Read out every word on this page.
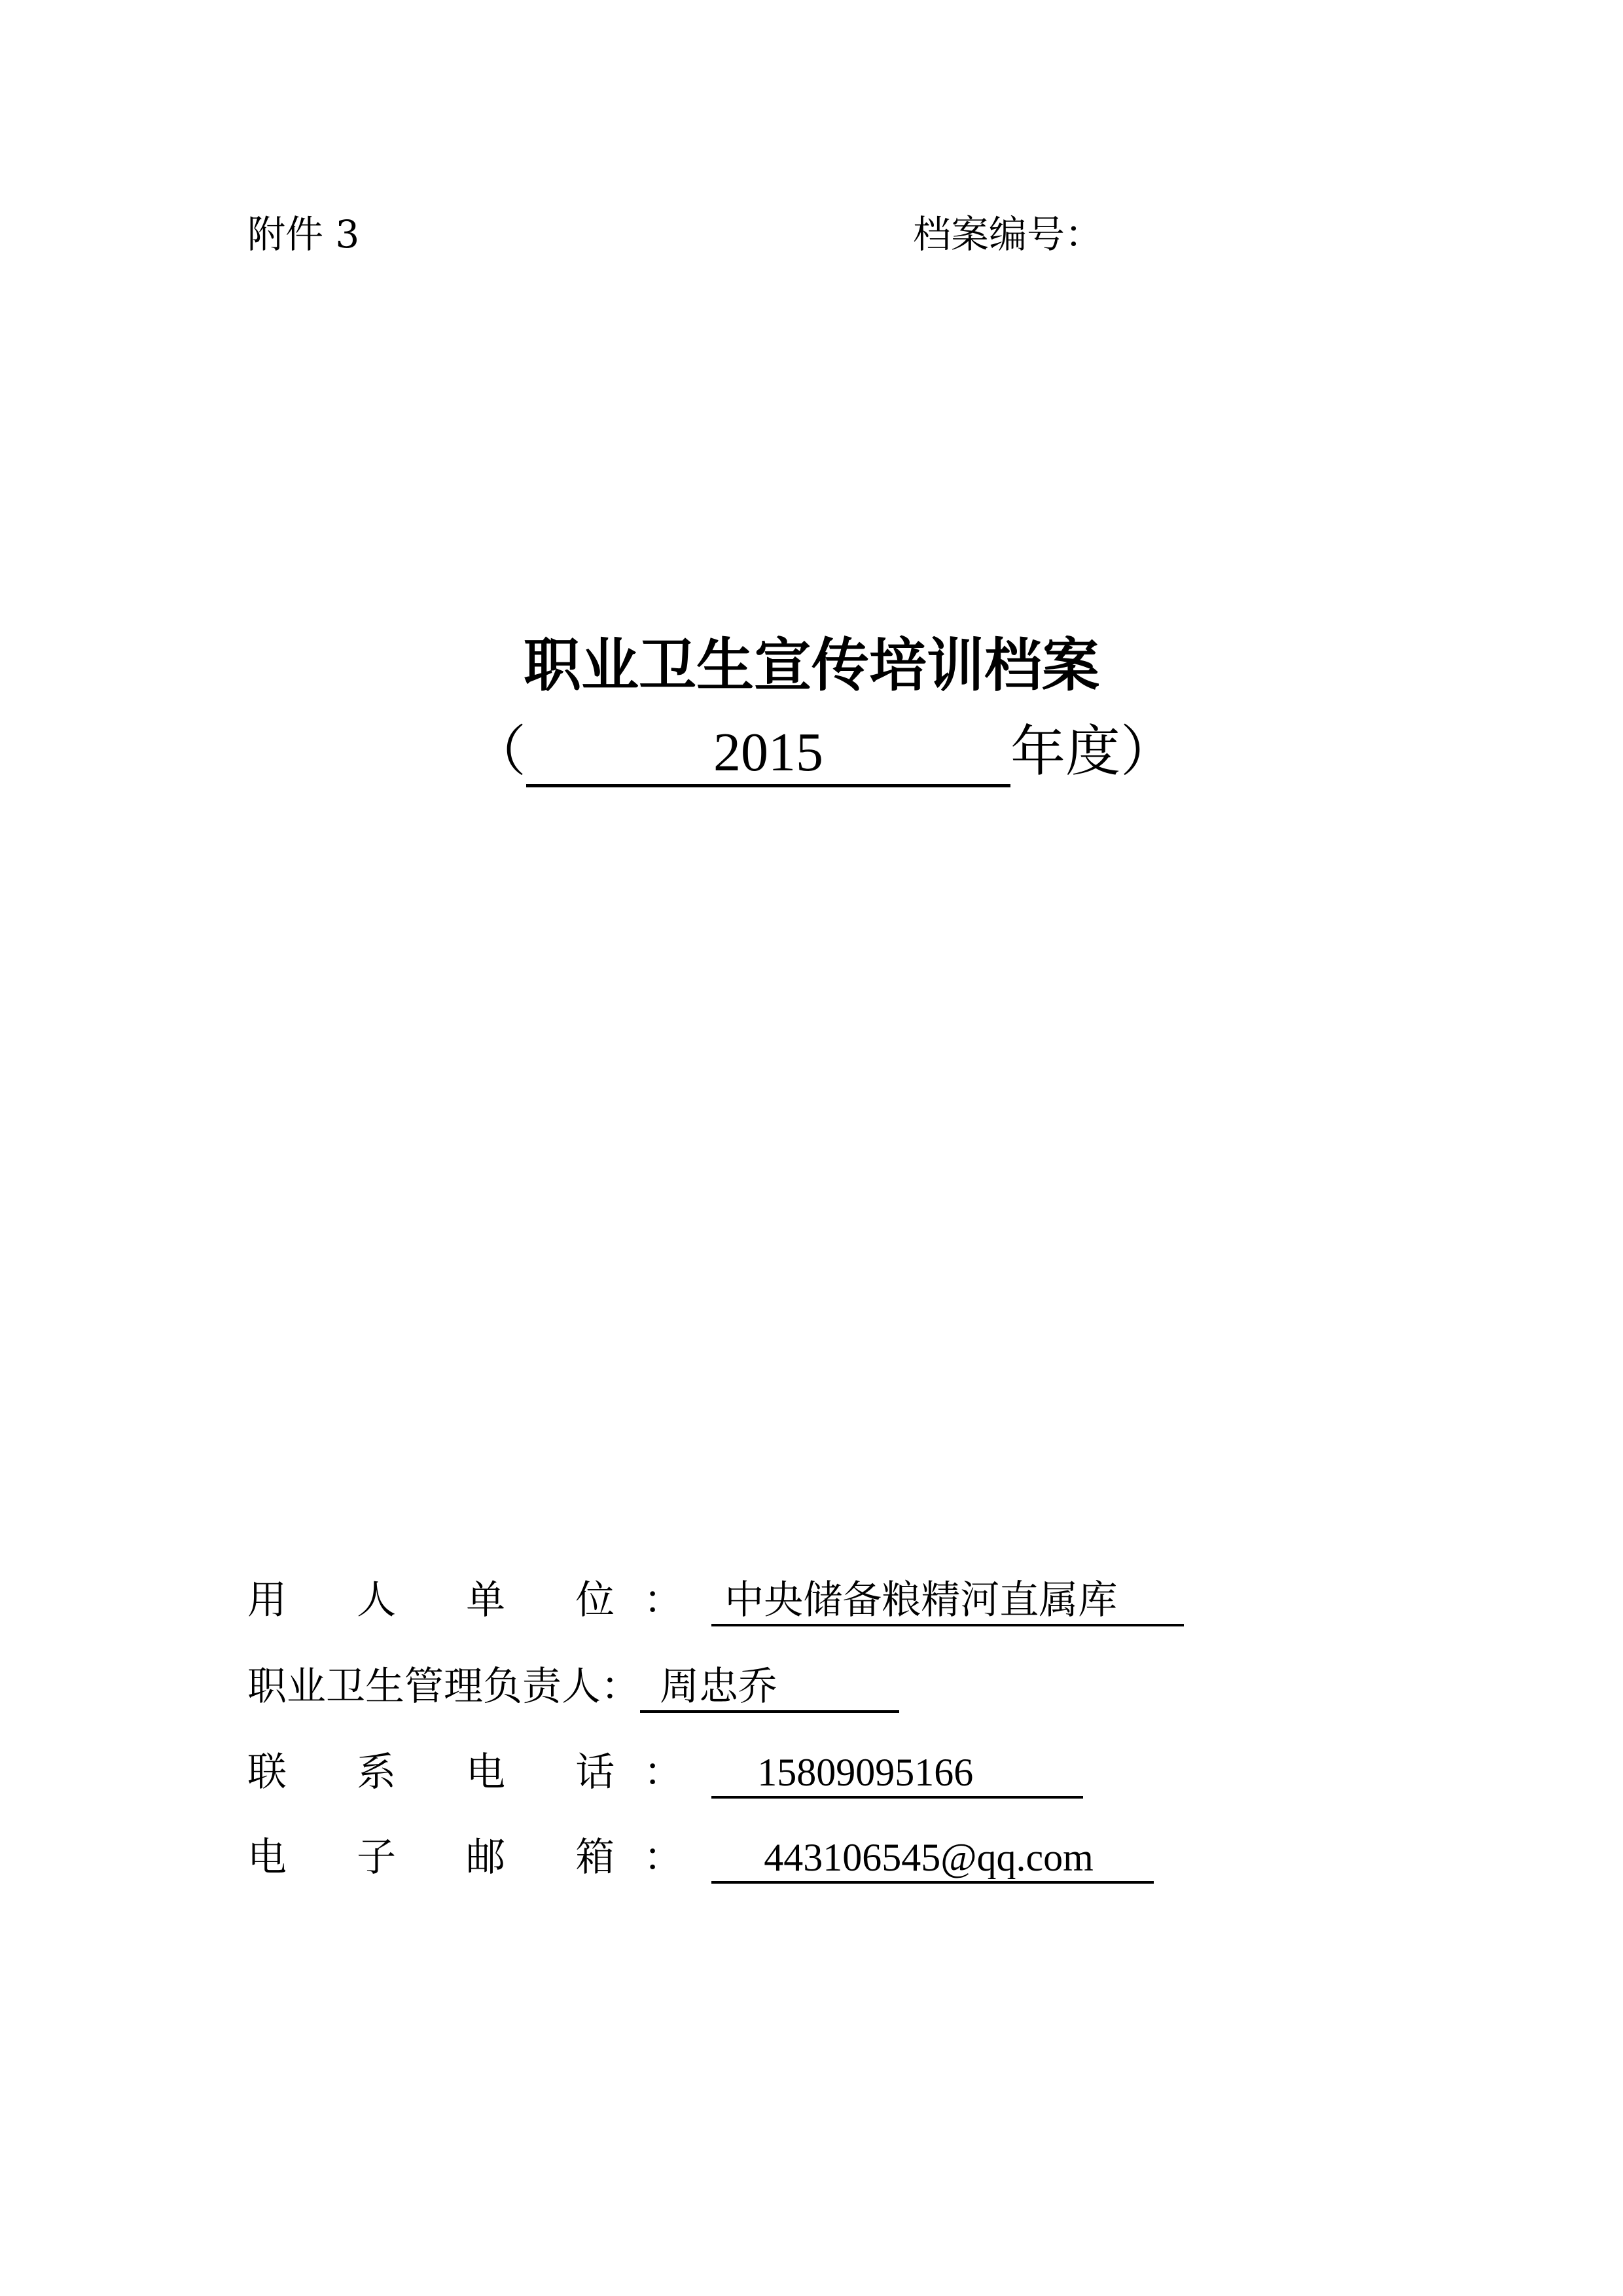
附件 3	档案编号：
职业卫生宣传培训档案
（	2015	年度）
用 人 单 位： 中央储备粮精河直属库
职业卫生管理负责人： 周忠乔
联 系 电 话： 15809095166
电 子 邮 箱： 443106545@qq.com
